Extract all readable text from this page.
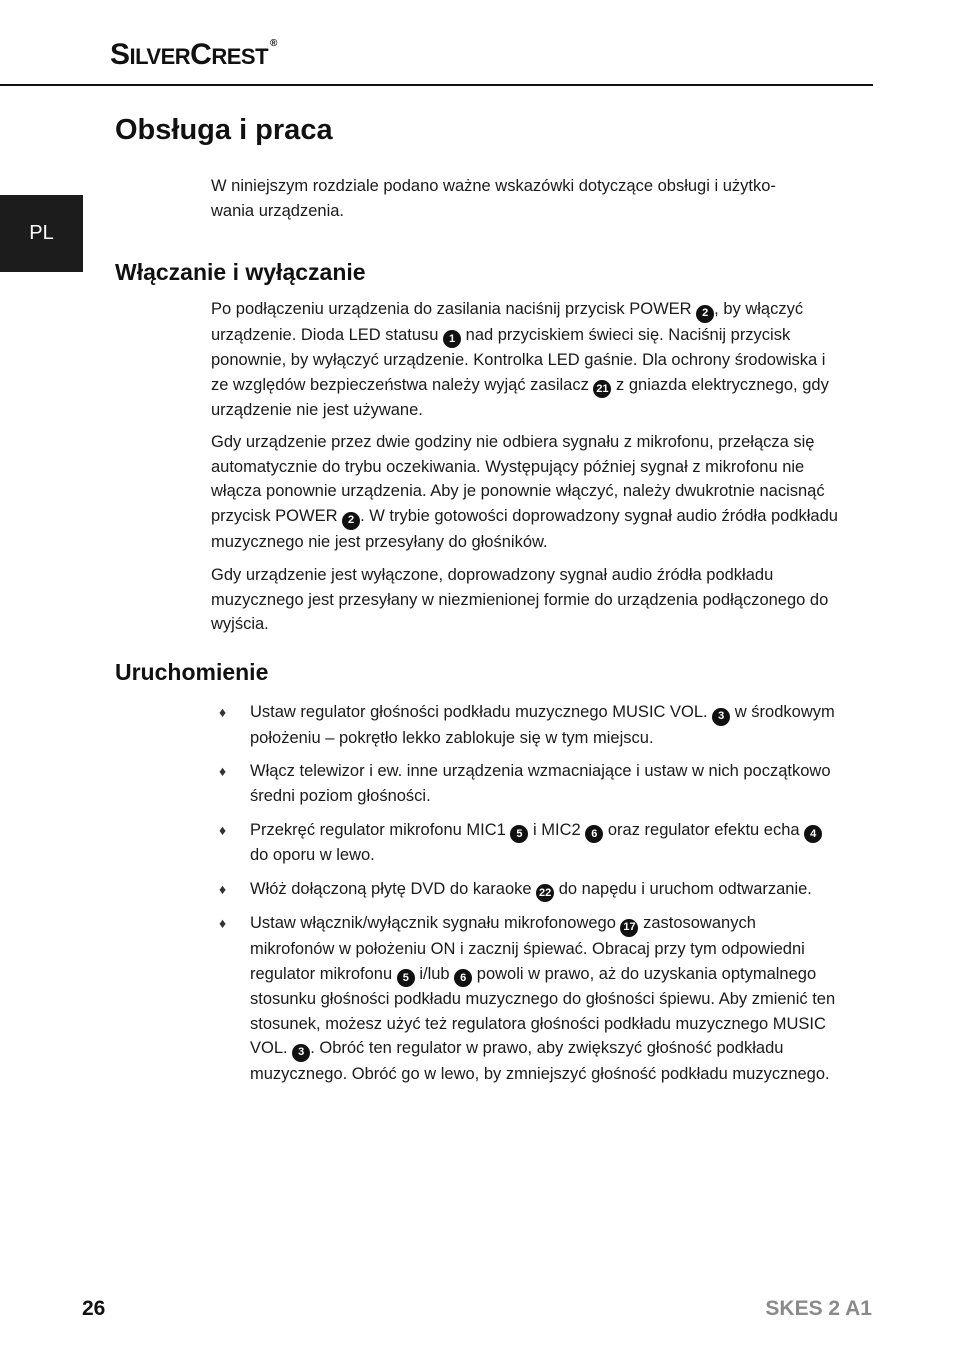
SILVERCREST®
PL
Obsługa i praca

W niniejszym rozdziale podano ważne wskazówki dotyczące obsługi i użytko-
wania urządzenia.

Włączanie i wyłączanie

Po podłączeniu urządzenia do zasilania naciśnij przycisk POWER 2 , by włączyć urządzenie. Dioda LED statusu 1 nad przyciskiem świeci się. Naciśnij przycisk ponownie, by wyłączyć urządzenie. Kontrolka LED gaśnie. Dla ochrony środowiska i ze względów bezpieczeństwa należy wyjąć zasilacz 21 z gniazda elektrycznego, gdy urządzenie nie jest używane.

Gdy urządzenie przez dwie godziny nie odbiera sygnału z mikrofonu, przełącza się automatycznie do trybu oczekiwania. Występujący później sygnał z mikrofonu nie włącza ponownie urządzenia. Aby je ponownie włączyć, należy dwukrotnie nacisnąć przycisk POWER 2 . W trybie gotowości doprowadzony sygnał audio źródła podkładu muzycznego nie jest przesyłany do głośników.

Gdy urządzenie jest wyłączone, doprowadzony sygnał audio źródła podkładu muzycznego jest przesyłany w niezmienionej formie do urządzenia podłączonego do wyjścia.

Uruchomienie
♦ Ustaw regulator głośności podkładu muzycznego MUSIC VOL. 3 w środkowym położeniu – pokrętło lekko zablokuje się w tym miejscu.
♦ Włącz telewizor i ew. inne urządzenia wzmacniające i ustaw w nich początkowo średni poziom głośności.
♦ Przekręć regulator mikrofonu MIC1 5 i MIC2 6 oraz regulator efektu echa 4 do oporu w lewo.
♦ Włóż dołączoną płytę DVD do karaoke 22 do napędu i uruchom odtwarzanie.
♦ Ustaw włącznik/wyłącznik sygnału mikrofonowego 17 zastosowanych mikrofonów w położeniu ON i zacznij śpiewać. Obracaj przy tym odpowiedni regulator mikrofonu 5 i/lub 6 powoli w prawo, aż do uzyskania optymalnego stosunku głośności podkładu muzycznego do głośności śpiewu. Aby zmienić ten stosunek, możesz użyć też regulatora głośności podkładu muzycznego MUSIC VOL. 3 . Obróć ten regulator w prawo, aby zwiększyć głośność podkładu muzycznego. Obróć go w lewo, by zmniejszyć głośność podkładu muzycznego.
26	SKES 2 A1
